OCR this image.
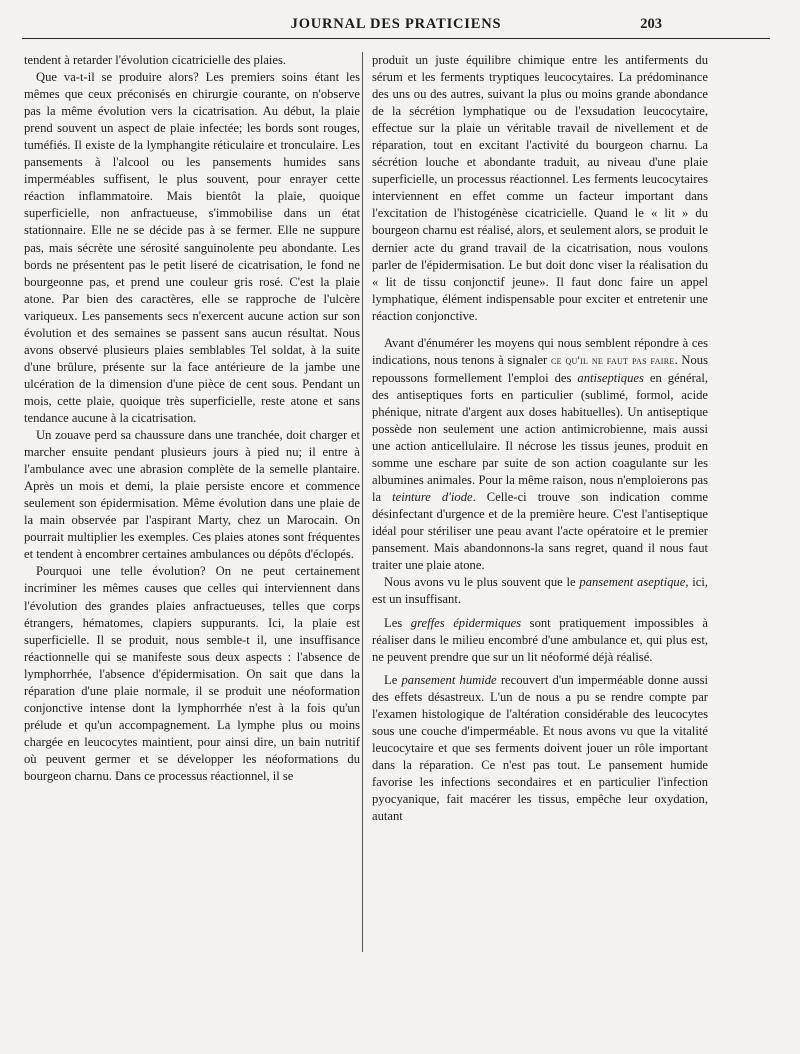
JOURNAL DES PRATICIENS	203

tendent à retarder l'évolution cicatricielle des plaies.

Que va-t-il se produire alors? Les premiers soins étant les mêmes que ceux préconisés en chirurgie courante, on n'observe pas la même évolution vers la cicatrisation. Au début, la plaie prend souvent un aspect de plaie infectée; les bords sont rouges, tuméfiés. Il existe de la lymphangite réticulaire et tronculaire. Les pansements à l'alcool ou les pansements humides sans imperméables suffisent, le plus souvent, pour enrayer cette réaction inflammatoire. Mais bientôt la plaie, quoique superficielle, non anfractueuse, s'immobilise dans un état stationnaire. Elle ne se décide pas à se fermer. Elle ne suppure pas, mais sécrète une sérosité sanguinolente peu abondante. Les bords ne présentent pas le petit liseré de cicatrisation, le fond ne bourgeonne pas, et prend une couleur gris rosé. C'est la plaie atone. Par bien des caractères, elle se rapproche de l'ulcère variqueux. Les pansements secs n'exercent aucune action sur son évolution et des semaines se passent sans aucun résultat. Nous avons observé plusieurs plaies semblables Tel soldat, à la suite d'une brûlure, présente sur la face antérieure de la jambe une ulcération de la dimension d'une pièce de cent sous. Pendant un mois, cette plaie, quoique très superficielle, reste atone et sans tendance aucune à la cicatrisation.

Un zouave perd sa chaussure dans une tranchée, doit charger et marcher ensuite pendant plusieurs jours à pied nu; il entre à l'ambulance avec une abrasion complète de la semelle plantaire. Après un mois et demi, la plaie persiste encore et commence seulement son épidermisation. Même évolution dans une plaie de la main observée par l'aspirant Marty, chez un Marocain. On pourrait multiplier les exemples. Ces plaies atones sont fréquentes et tendent à encombrer certaines ambulances ou dépôts d'éclopés.

Pourquoi une telle évolution? On ne peut certainement incriminer les mêmes causes que celles qui interviennent dans l'évolution des grandes plaies anfractueuses, telles que corps étrangers, hématomes, clapiers suppurants. Ici, la plaie est superficielle. Il se produit, nous semble-t il, une insuffisance réactionnelle qui se manifeste sous deux aspects : l'absence de lymphorrhée, l'absence d'épidermisation. On sait que dans la réparation d'une plaie normale, il se produit une néoformation conjonctive intense dont la lymphorrhée n'est à la fois qu'un prélude et qu'un accompagnement. La lymphe plus ou moins chargée en leucocytes maintient, pour ainsi dire, un bain nutritif où peuvent germer et se développer les néoformations du bourgeon charnu. Dans ce processus réactionnel, il se

produit un juste équilibre chimique entre les antiferments du sérum et les ferments tryptiques leucocytaires. La prédominance des uns ou des autres, suivant la plus ou moins grande abondance de la sécrétion lymphatique ou de l'exsudation leucocytaire, effectue sur la plaie un véritable travail de nivellement et de réparation, tout en excitant l'activité du bourgeon charnu. La sécrétion louche et abondante traduit, au niveau d'une plaie superficielle, un processus réactionnel. Les ferments leucocytaires interviennent en effet comme un facteur important dans l'excitation de l'histogénèse cicatricielle. Quand le « lit » du bourgeon charnu est réalisé, alors, et seulement alors, se produit le dernier acte du grand travail de la cicatrisation, nous voulons parler de l'épidermisation. Le but doit donc viser la réalisation du « lit de tissu conjonctif jeune». Il faut donc faire un appel lymphatique, élément indispensable pour exciter et entretenir une réaction conjonctive.

Avant d'énumérer les moyens qui nous semblent répondre à ces indications, nous tenons à signaler ce qu'il ne faut pas faire. Nous repoussons formellement l'emploi des antiseptiques en général, des antiseptiques forts en particulier (sublimé, formol, acide phénique, nitrate d'argent aux doses habituelles). Un antiseptique possède non seulement une action antimicrobienne, mais aussi une action anticellulaire. Il nécrose les tissus jeunes, produit en somme une eschare par suite de son action coagulante sur les albumines animales. Pour la même raison, nous n'emploierons pas la teinture d'iode. Celle-ci trouve son indication comme désinfectant d'urgence et de la première heure. C'est l'antiseptique idéal pour stériliser une peau avant l'acte opératoire et le premier pansement. Mais abandonnons-la sans regret, quand il nous faut traiter une plaie atone.

Nous avons vu le plus souvent que le pansement aseptique, ici, est un insuffisant.

Les greffes épidermiques sont pratiquement impossibles à réaliser dans le milieu encombré d'une ambulance et, qui plus est, ne peuvent prendre que sur un lit néoformé déjà réalisé.

Le pansement humide recouvert d'un imperméable donne aussi des effets désastreux. L'un de nous a pu se rendre compte par l'examen histologique de l'altération considérable des leucocytes sous une couche d'imperméable. Et nous avons vu que la vitalité leucocytaire et que ses ferments doivent jouer un rôle important dans la réparation. Ce n'est pas tout. Le pansement humide favorise les infections secondaires et en particulier l'infection pyocyanique, fait macérer les tissus, empêche leur oxydation, autant
